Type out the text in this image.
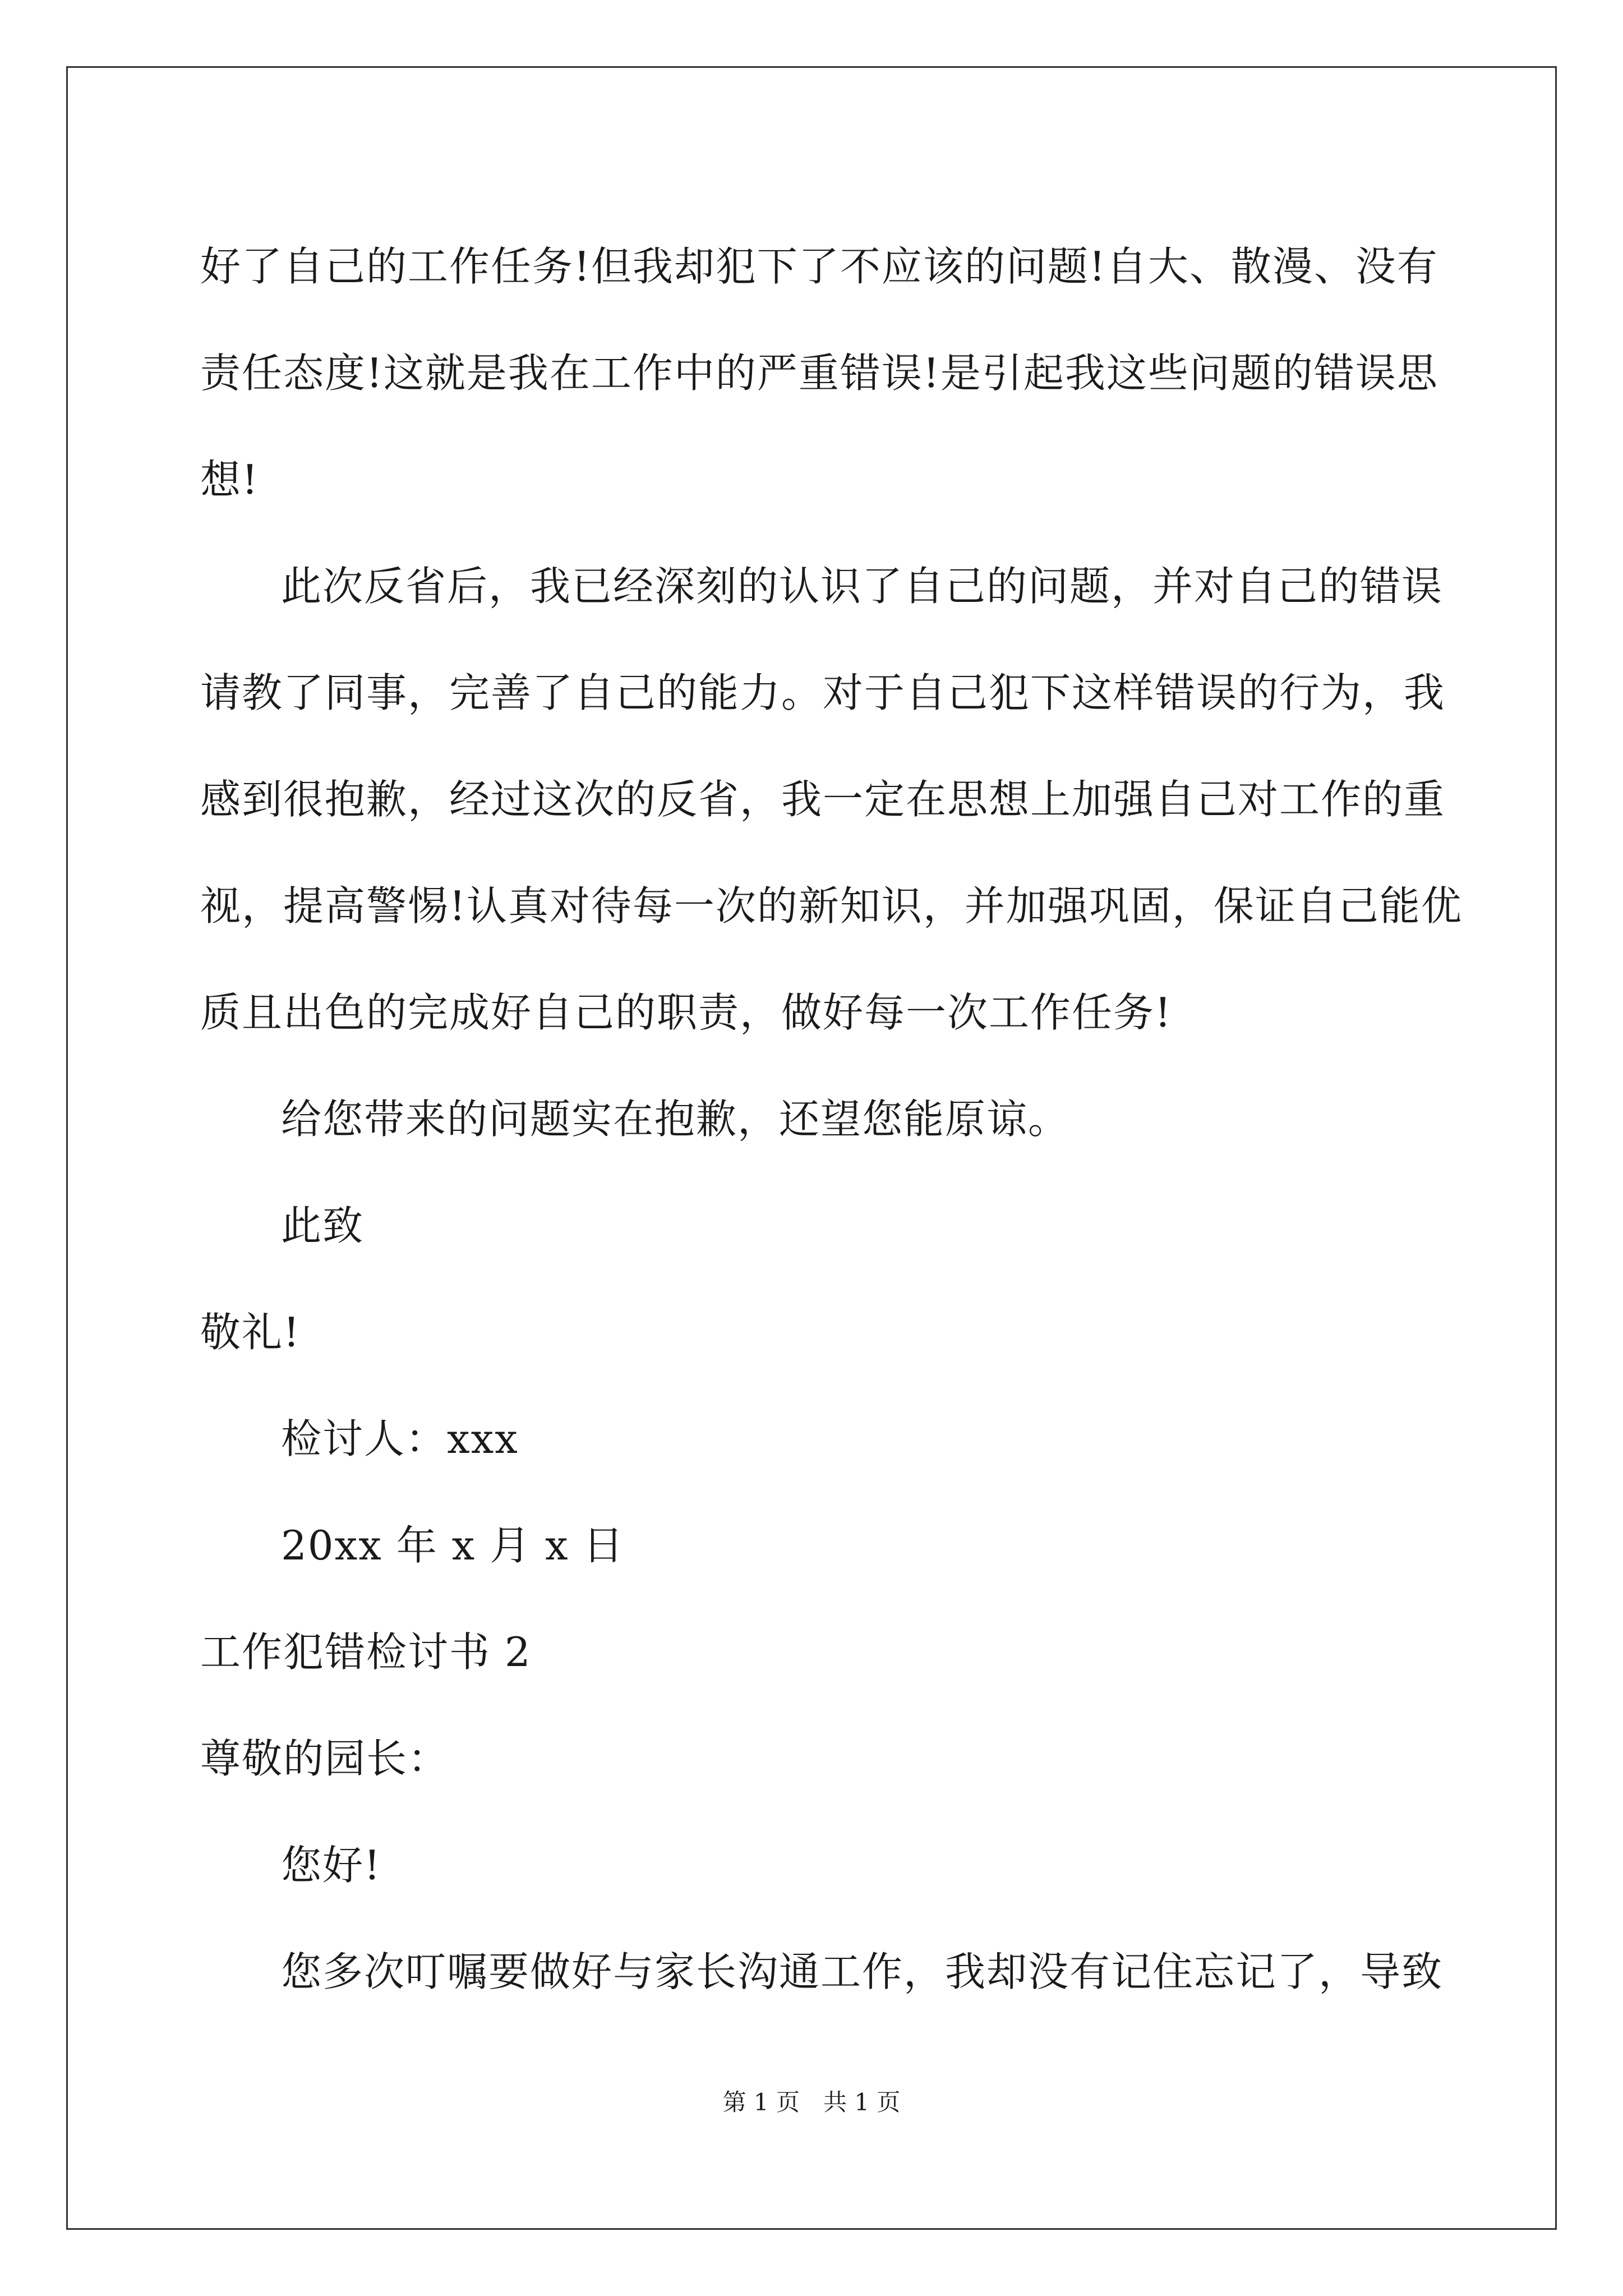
好了自己的工作任务!但我却犯下了不应该的问题!自大、散漫、没有
责任态度!这就是我在工作中的严重错误!是引起我这些问题的错误思
想!
此次反省后，我已经深刻的认识了自己的问题，并对自己的错误
请教了同事，完善了自己的能力。对于自己犯下这样错误的行为，我
感到很抱歉，经过这次的反省，我一定在思想上加强自己对工作的重
视，提高警惕!认真对待每一次的新知识，并加强巩固，保证自己能优
质且出色的完成好自己的职责，做好每一次工作任务!
给您带来的问题实在抱歉，还望您能原谅。
此致
敬礼!
检讨人：xxx
20xx 年 x 月 x 日
工作犯错检讨书 2
尊敬的园长：
您好!
您多次叮嘱要做好与家长沟通工作，我却没有记住忘记了，导致
第 1 页　共 1 页
